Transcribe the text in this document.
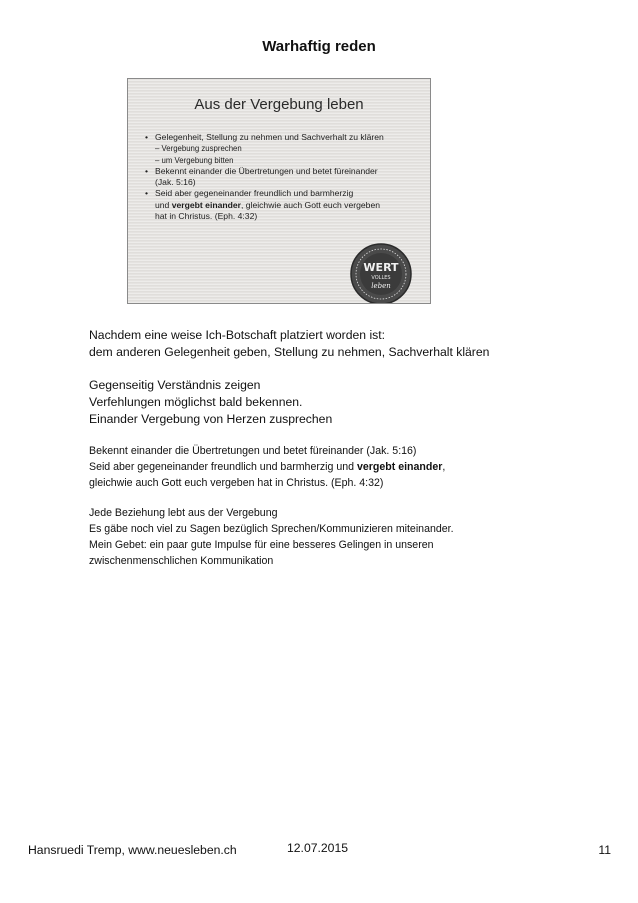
Warhaftig reden
Aus der Vergebung leben
• Gelegenheit, Stellung zu nehmen und Sachverhalt zu klären
– Vergebung zusprechen
– um Vergebung bitten
• Bekennt einander die Übertretungen und betet füreinander
(Jak. 5:16)
• Seid aber gegeneinander freundlich und barmherzig
und vergebt einander, gleichwie auch Gott euch vergeben
hat in Christus. (Eph. 4:32)
WERT
VOLLES
leben
Nachdem eine weise Ich-Botschaft platziert worden ist:
dem anderen Gelegenheit geben, Stellung zu nehmen, Sachverhalt klären
Gegenseitig Verständnis zeigen
Verfehlungen möglichst bald bekennen.
Einander Vergebung von Herzen zusprechen
Bekennt einander die Übertretungen und betet füreinander (Jak. 5:16)
Seid aber gegeneinander freundlich und barmherzig und vergebt einander,
gleichwie auch Gott euch vergeben hat in Christus. (Eph. 4:32)
Jede Beziehung lebt aus der Vergebung
Es gäbe noch viel zu Sagen bezüglich Sprechen/Kommunizieren miteinander.
Mein Gebet: ein paar gute Impulse für eine besseres Gelingen in unseren
zwischenmenschlichen Kommunikation
Hansruedi Tremp, www.neuesleben.ch	12.07.2015	11
